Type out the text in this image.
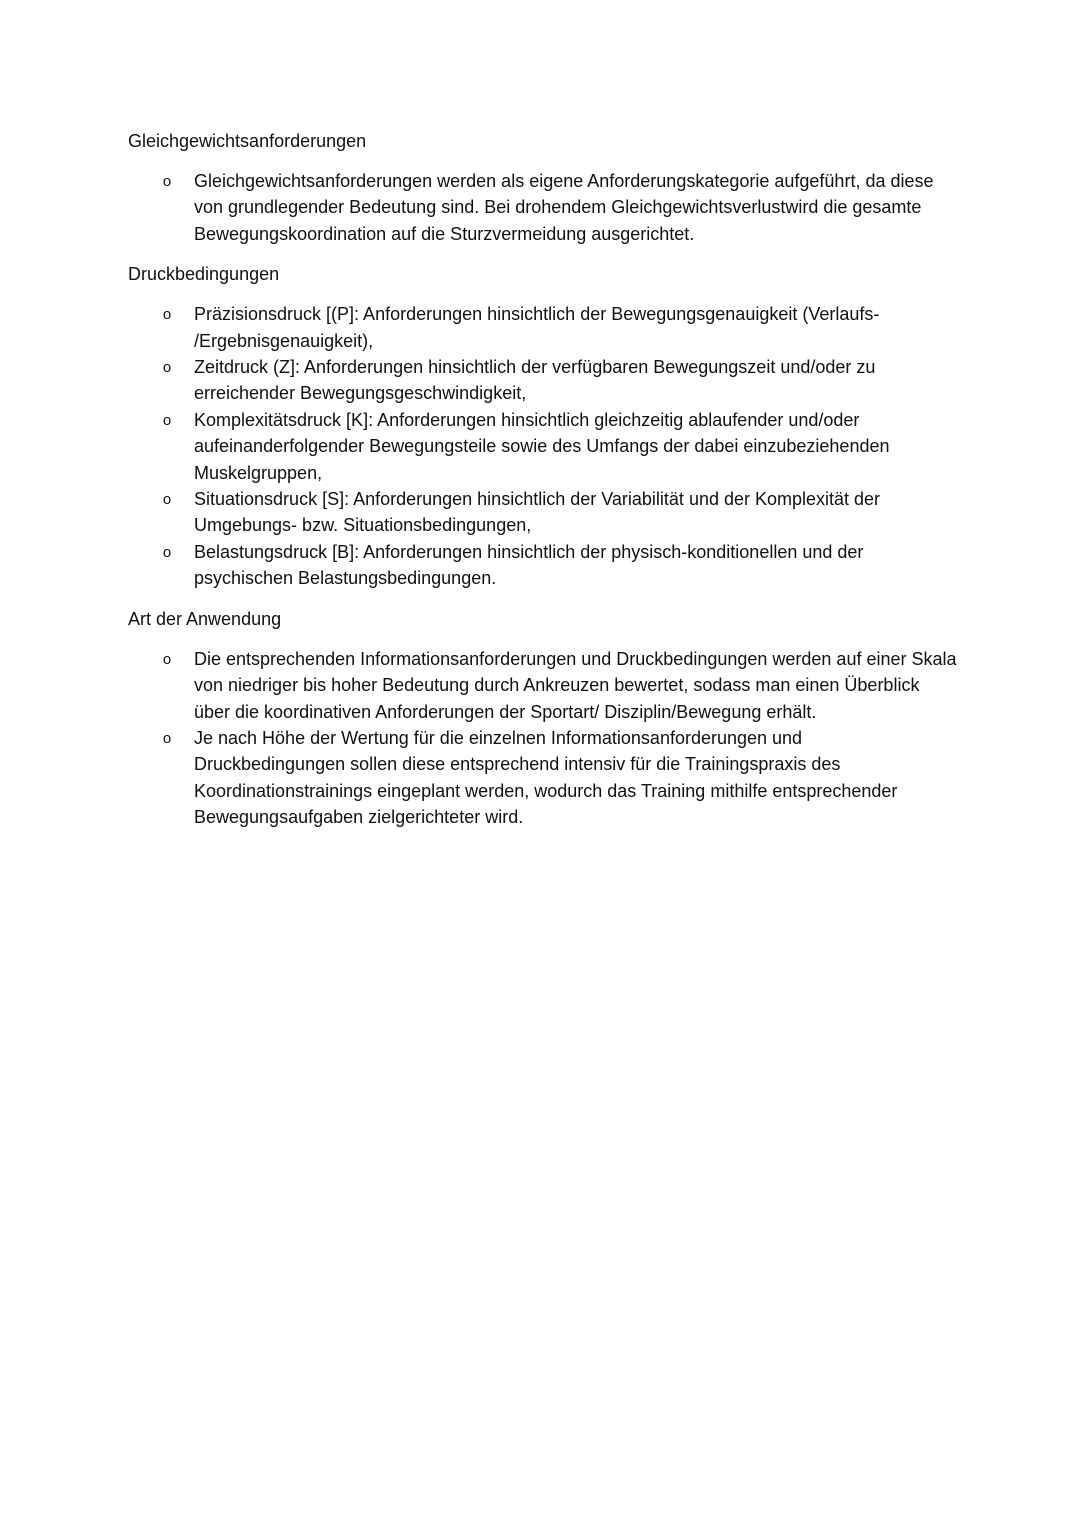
Gleichgewichtsanforderungen

o Gleichgewichtsanforderungen werden als eigene Anforderungskategorie aufgeführt, da diese von grundlegender Bedeutung sind. Bei drohendem Gleichgewichtsverlustwird die gesamte Bewegungskoordination auf die Sturzvermeidung ausgerichtet.

Druckbedingungen

o Präzisionsdruck [(P]: Anforderungen hinsichtlich der Bewegungsgenauigkeit (Verlaufs- /Ergebnisgenauigkeit),
o Zeitdruck (Z]: Anforderungen hinsichtlich der verfügbaren Bewegungszeit und/oder zu erreichender Bewegungsgeschwindigkeit,
o Komplexitätsdruck [K]: Anforderungen hinsichtlich gleichzeitig ablaufender und/oder aufeinanderfolgender Bewegungsteile sowie des Umfangs der dabei einzubeziehenden Muskelgruppen,
o Situationsdruck [S]: Anforderungen hinsichtlich der Variabilität und der Komplexität der Umgebungs- bzw. Situationsbedingungen,
o Belastungsdruck [B]: Anforderungen hinsichtlich der physisch-konditionellen und der psychischen Belastungsbedingungen.

Art der Anwendung

o Die entsprechenden Informationsanforderungen und Druckbedingungen werden auf einer Skala von niedriger bis hoher Bedeutung durch Ankreuzen bewertet, sodass man einen Überblick über die koordinativen Anforderungen der Sportart/ Disziplin/Bewegung erhält.
o Je nach Höhe der Wertung für die einzelnen Informationsanforderungen und Druckbedingungen sollen diese entsprechend intensiv für die Trainingspraxis des Koordinationstrainings eingeplant werden, wodurch das Training mithilfe entsprechender Bewegungsaufgaben zielgerichteter wird.
